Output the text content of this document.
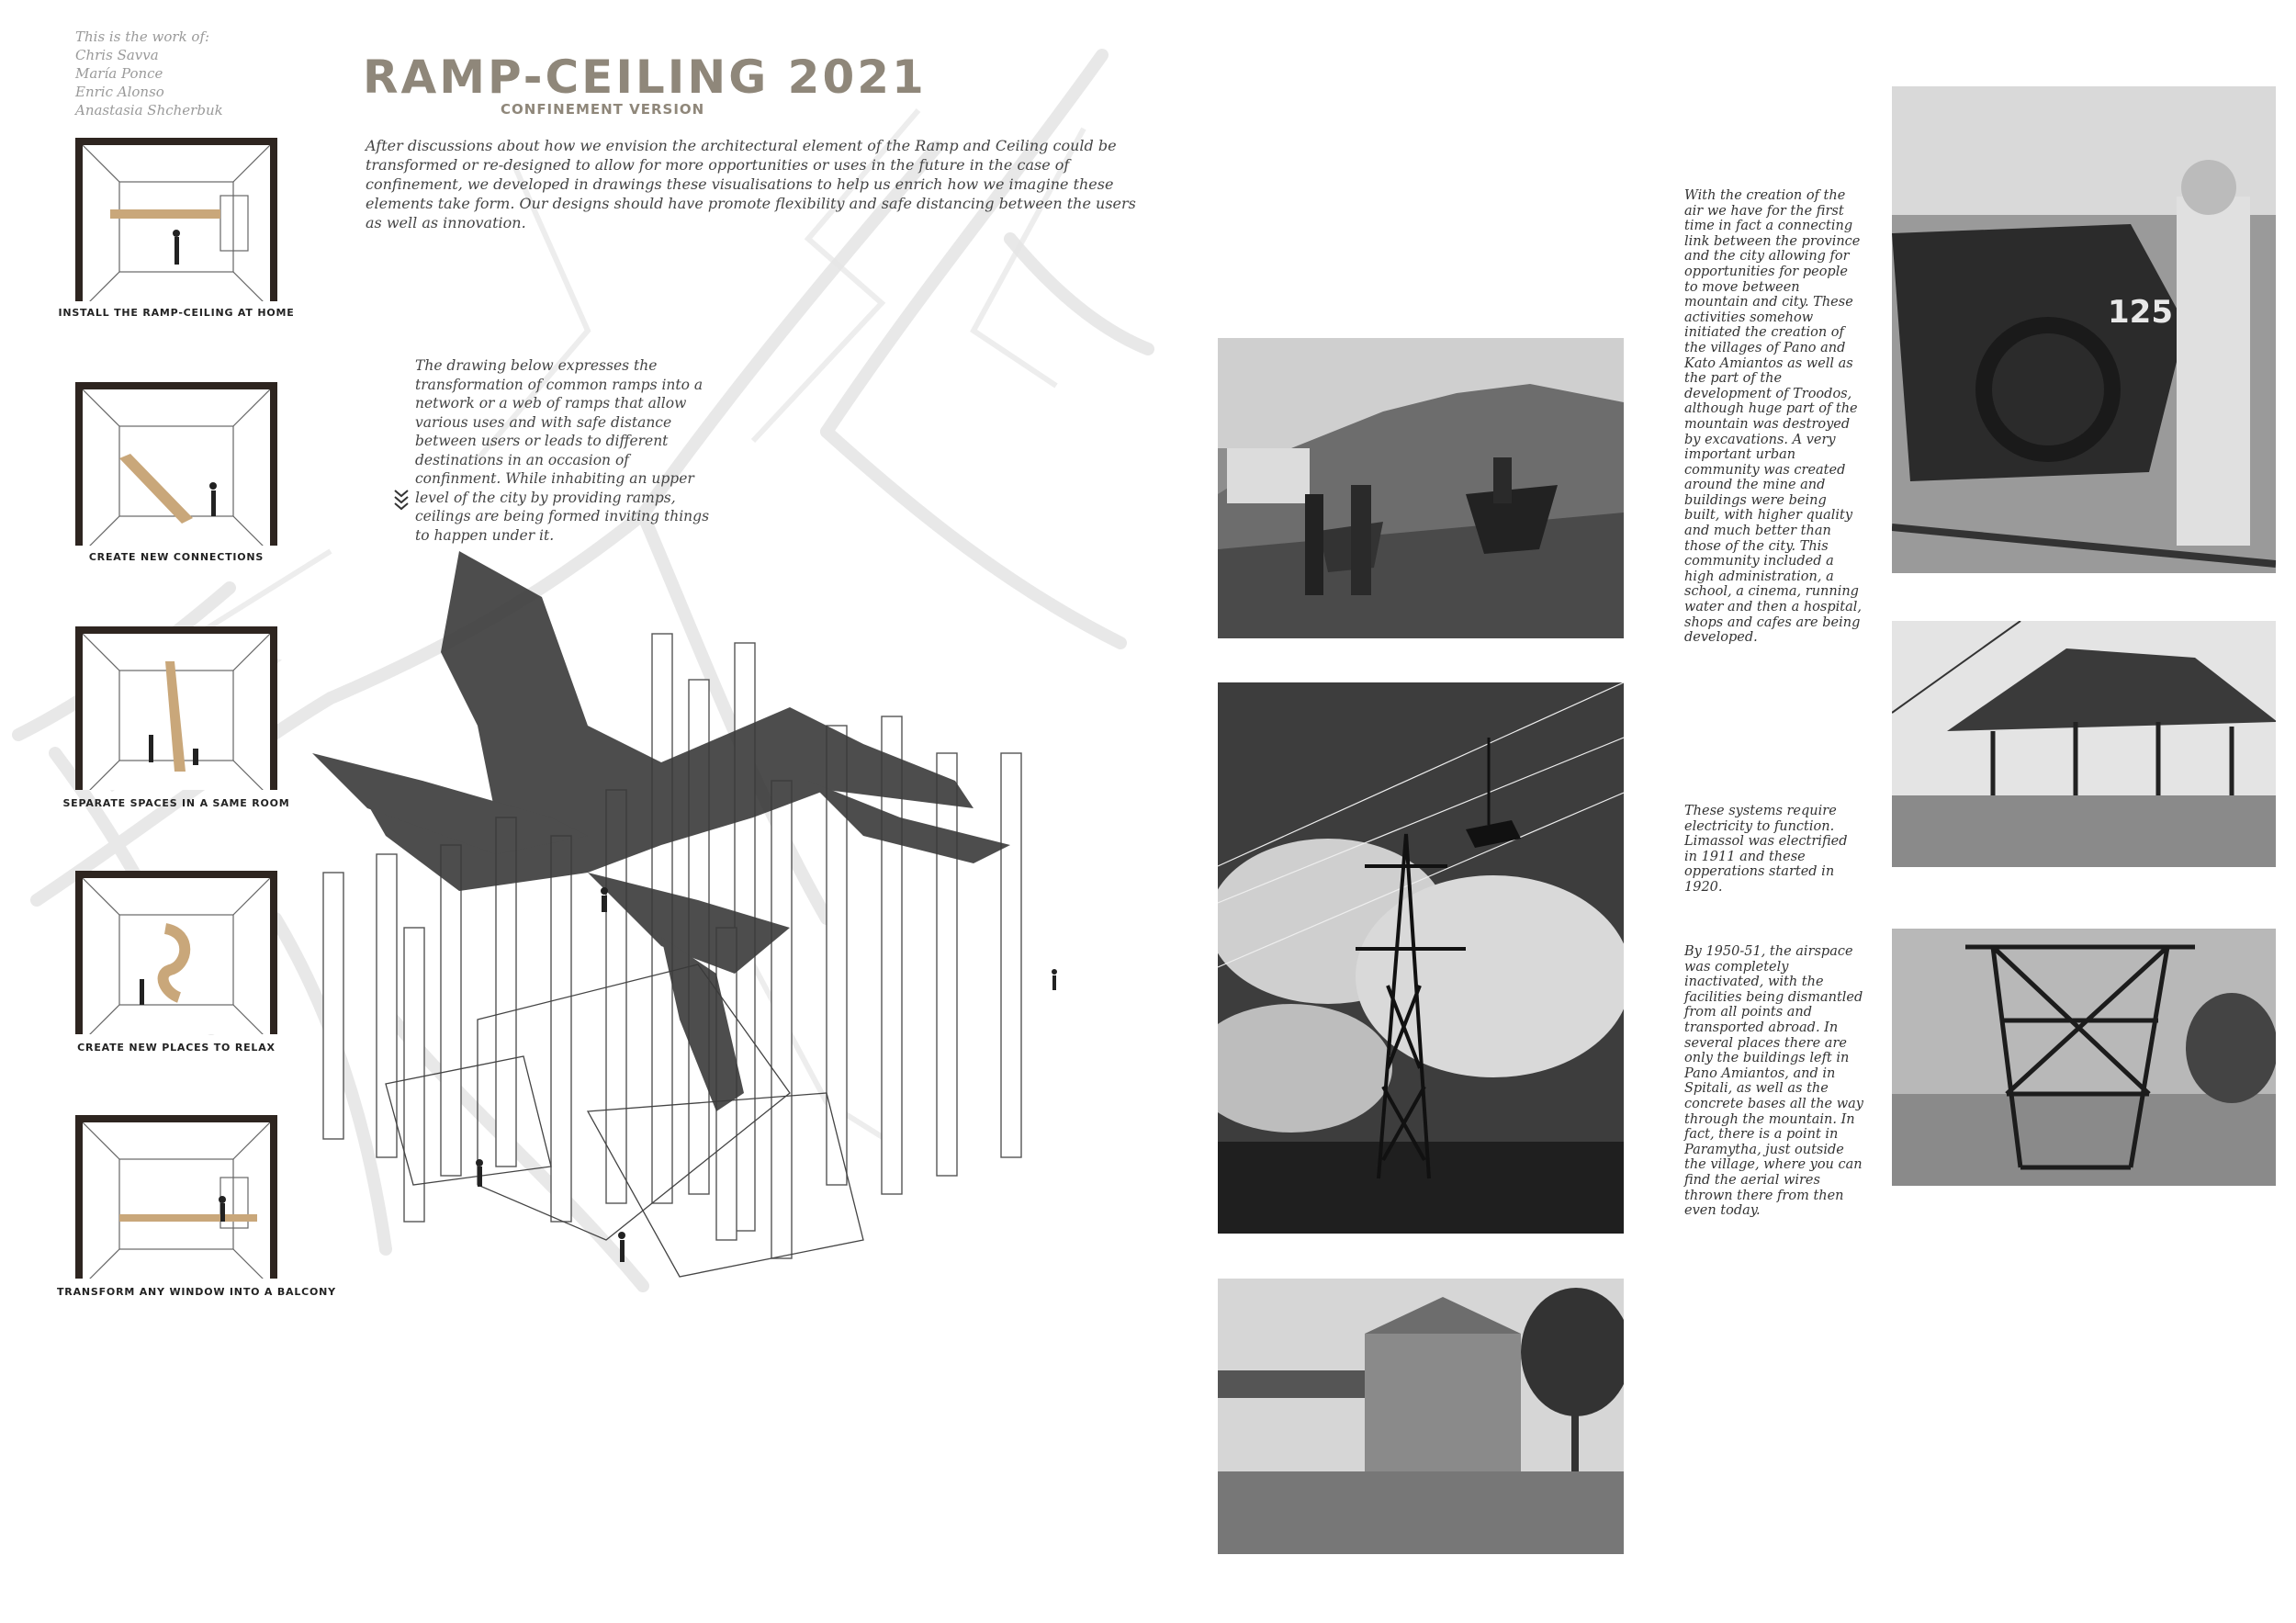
This is the work of:
Chris Savva
María Ponce
Enric Alonso
Anastasia Shcherbuk
RAMP-CEILING 2021
CONFINEMENT VERSION
After discussions about how we envision the architectural element of the Ramp and Ceiling could be transformed or re-designed to allow for more opportunities or uses in the future in the case of confinement, we developed in drawings these visualisations to help us enrich how we imagine these elements take form. Our designs should have promote flexibility and safe distancing between the users as well as innovation.
The drawing below expresses the transformation of common ramps into a network or a web of ramps that allow various uses and with safe distance between users or leads to different destinations in an occasion of confinment. While inhabiting an upper level of the city by providing ramps, ceilings are being formed inviting things to happen under it.
INSTALL THE RAMP-CEILING AT HOME
CREATE NEW CONNECTIONS
SEPARATE SPACES IN A SAME ROOM
CREATE NEW PLACES TO RELAX
TRANSFORM ANY WINDOW INTO A BALCONY
125
With the creation of the air we have for the first time in fact a connecting link between the province and the city allowing for opportunities for people to move between mountain and city. These activities somehow initiated the creation of the villages of Pano and Kato Amiantos as well as the part of the development of Troodos, although huge part of the mountain was destroyed by excavations. A very important urban community was created around the mine and buildings were being built, with higher quality and much better than those of the city. This community included a high administration, a school, a cinema, running water and then a hospital, shops and cafes are being developed.
These systems require electricity to function. Limassol was electrified in 1911 and these opperations started in 1920.
By 1950-51, the airspace was completely inactivated, with the facilities being dismantled from all points and transported abroad. In several places there are only the buildings left in Pano Amiantos, and in Spitali, as well as the concrete bases all the way through the mountain. In fact, there is a point in Paramytha, just outside the village, where you can find the aerial wires thrown there from then even today.
